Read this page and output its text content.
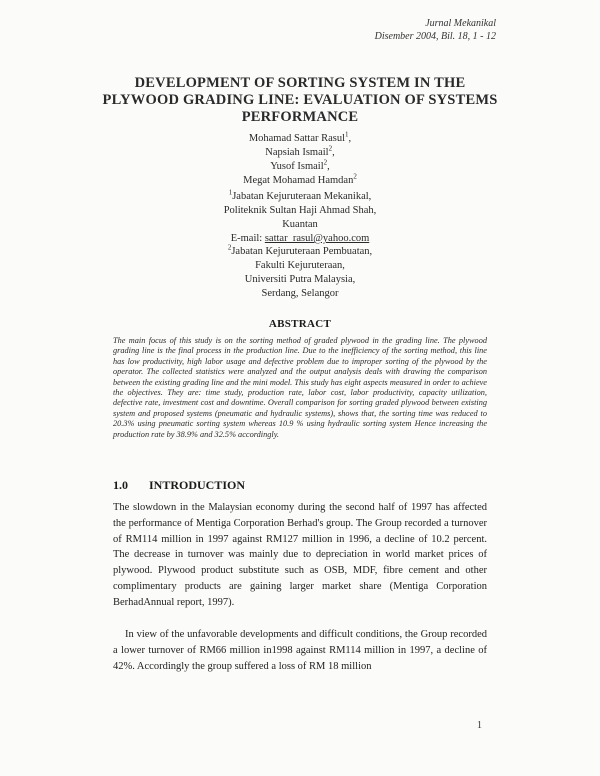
Jurnal Mekanikal
Disember 2004, Bil. 18, 1 - 12
DEVELOPMENT OF SORTING SYSTEM IN THE PLYWOOD GRADING LINE: EVALUATION OF SYSTEMS PERFORMANCE
Mohamad Sattar Rasul$^1$,
Napsiah Ismail$^2$,
Yusof Ismail$^2$,
Megat Mohamad Hamdan$^2$
$^1$Jabatan Kejuruteraan Mekanikal,
Politeknik Sultan Haji Ahmad Shah,
Kuantan
E-mail: sattar_rasul@yahoo.com
$^2$Jabatan Kejuruteraan Pembuatan,
Fakulti Kejuruteraan,
Universiti Putra Malaysia,
Serdang, Selangor
ABSTRACT

The main focus of this study is on the sorting method of graded plywood in the grading line. The plywood grading line is the final process in the production line. Due to the inefficiency of the sorting method, this line has low productivity, high labor usage and defective problem due to improper sorting of the plywood by the operator. The collected statistics were analyzed and the output analysis deals with drawing the comparison between the existing grading line and the mini model. This study has eight aspects measured in order to achieve the objectives. They are: time study, production rate, labor cost, labor productivity, capacity utilization, defective rate, investment cost and downtime. Overall comparison for sorting graded plywood between existing system and proposed systems (pneumatic and hydraulic systems), shows that, the sorting time was reduced to 20.3% using pneumatic sorting system whereas 10.9 % using hydraulic sorting system Hence increasing the production rate by 38.9% and 32.5% accordingly.

1.0 INTRODUCTION

The slowdown in the Malaysian economy during the second half of 1997 has affected the performance of Mentiga Corporation Berhad's group. The Group recorded a turnover of RM114 million in 1997 against RM127 million in 1996, a decline of 10.2 percent. The decrease in turnover was mainly due to depreciation in world market prices of plywood. Plywood product substitute such as OSB, MDF, fibre cement and other complimentary products are gaining larger market share (Mentiga Corporation BerhadAnnual report, 1997).

In view of the unfavorable developments and difficult conditions, the Group recorded a lower turnover of RM66 million in1998 against RM114 million in 1997, a decline of 42%. Accordingly the group suffered a loss of RM 18 million

1
